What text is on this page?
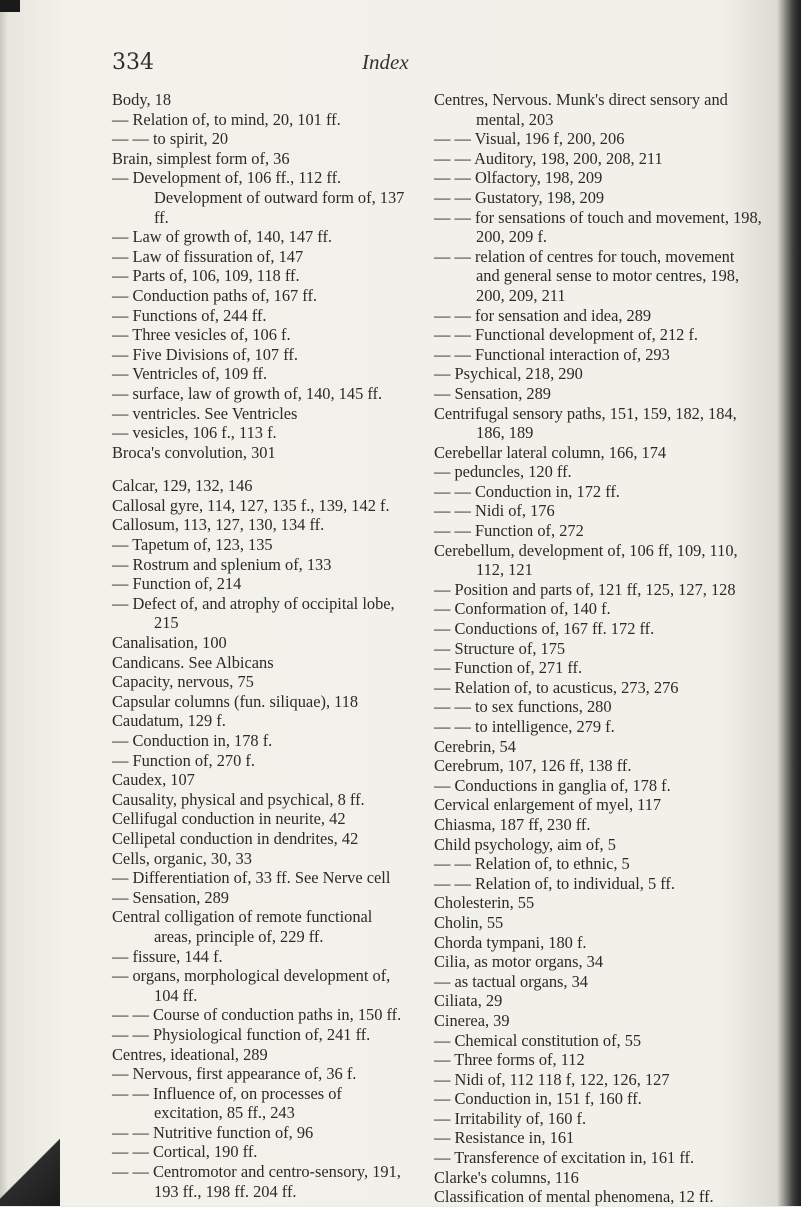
334	Index

Body, 18

— Relation of, to mind, 20, 101 ff.

— — to spirit, 20

Brain, simplest form of, 36

— Development of, 106 ff., 112 ff. Development of outward form of, 137 ff.

— Law of growth of, 140, 147 ff.

— Law of fissuration of, 147

— Parts of, 106, 109, 118 ff.

— Conduction paths of, 167 ff.

— Functions of, 244 ff.

— Three vesicles of, 106 f.

— Five Divisions of, 107 ff.

— Ventricles of, 109 ff.

— surface, law of growth of, 140, 145 ff.

— ventricles. See Ventricles

— vesicles, 106 f., 113 f.

Broca's convolution, 301

Calcar, 129, 132, 146

Callosal gyre, 114, 127, 135 f., 139, 142 f.

Callosum, 113, 127, 130, 134 ff.

— Tapetum of, 123, 135

— Rostrum and splenium of, 133

— Function of, 214

— Defect of, and atrophy of occipital lobe, 215

Canalisation, 100

Candicans. See Albicans

Capacity, nervous, 75

Capsular columns (fun. siliquae), 118

Caudatum, 129 f.

— Conduction in, 178 f.

— Function of, 270 f.

Caudex, 107

Causality, physical and psychical, 8 ff.

Cellifugal conduction in neurite, 42

Cellipetal conduction in dendrites, 42

Cells, organic, 30, 33

— Differentiation of, 33 ff. See Nerve cell

— Sensation, 289

Central colligation of remote functional areas, principle of, 229 ff.

— fissure, 144 f.

— organs, morphological development of, 104 ff.

— — Course of conduction paths in, 150 ff.

— — Physiological function of, 241 ff.

Centres, ideational, 289

— Nervous, first appearance of, 36 f.

— — Influence of, on processes of excitation, 85 ff., 243

— — Nutritive function of, 96

— — Cortical, 190 ff.

— — Centromotor and centro-sensory, 191, 193 ff., 198 ff. 204 ff.

Centres, Nervous. Munk's direct sensory and mental, 203

— — Visual, 196 f, 200, 206

— — Auditory, 198, 200, 208, 211

— — Olfactory, 198, 209

— — Gustatory, 198, 209

— — for sensations of touch and movement, 198, 200, 209 f.

— — relation of centres for touch, movement and general sense to motor centres, 198, 200, 209, 211

— — for sensation and idea, 289

— — Functional development of, 212 f.

— — Functional interaction of, 293

— Psychical, 218, 290

— Sensation, 289

Centrifugal sensory paths, 151, 159, 182, 184, 186, 189

Cerebellar lateral column, 166, 174

— peduncles, 120 ff.

— — Conduction in, 172 ff.

— — Nidi of, 176

— — Function of, 272

Cerebellum, development of, 106 ff, 109, 110, 112, 121

— Position and parts of, 121 ff, 125, 127, 128

— Conformation of, 140 f.

— Conductions of, 167 ff. 172 ff.

— Structure of, 175

— Function of, 271 ff.

— Relation of, to acusticus, 273, 276

— — to sex functions, 280

— — to intelligence, 279 f.

Cerebrin, 54

Cerebrum, 107, 126 ff, 138 ff.

— Conductions in ganglia of, 178 f.

Cervical enlargement of myel, 117

Chiasma, 187 ff, 230 ff.

Child psychology, aim of, 5

— — Relation of, to ethnic, 5

— — Relation of, to individual, 5 ff.

Cholesterin, 55

Cholin, 55

Chorda tympani, 180 f.

Cilia, as motor organs, 34

— as tactual organs, 34

Ciliata, 29

Cinerea, 39

— Chemical constitution of, 55

— Three forms of, 112

— Nidi of, 112 118 f, 122, 126, 127

— Conduction in, 151 f, 160 ff.

— Irritability of, 160 f.

— Resistance in, 161

— Transference of excitation in, 161 ff.

Clarke's columns, 116

Classification of mental phenomena, 12 ff.
